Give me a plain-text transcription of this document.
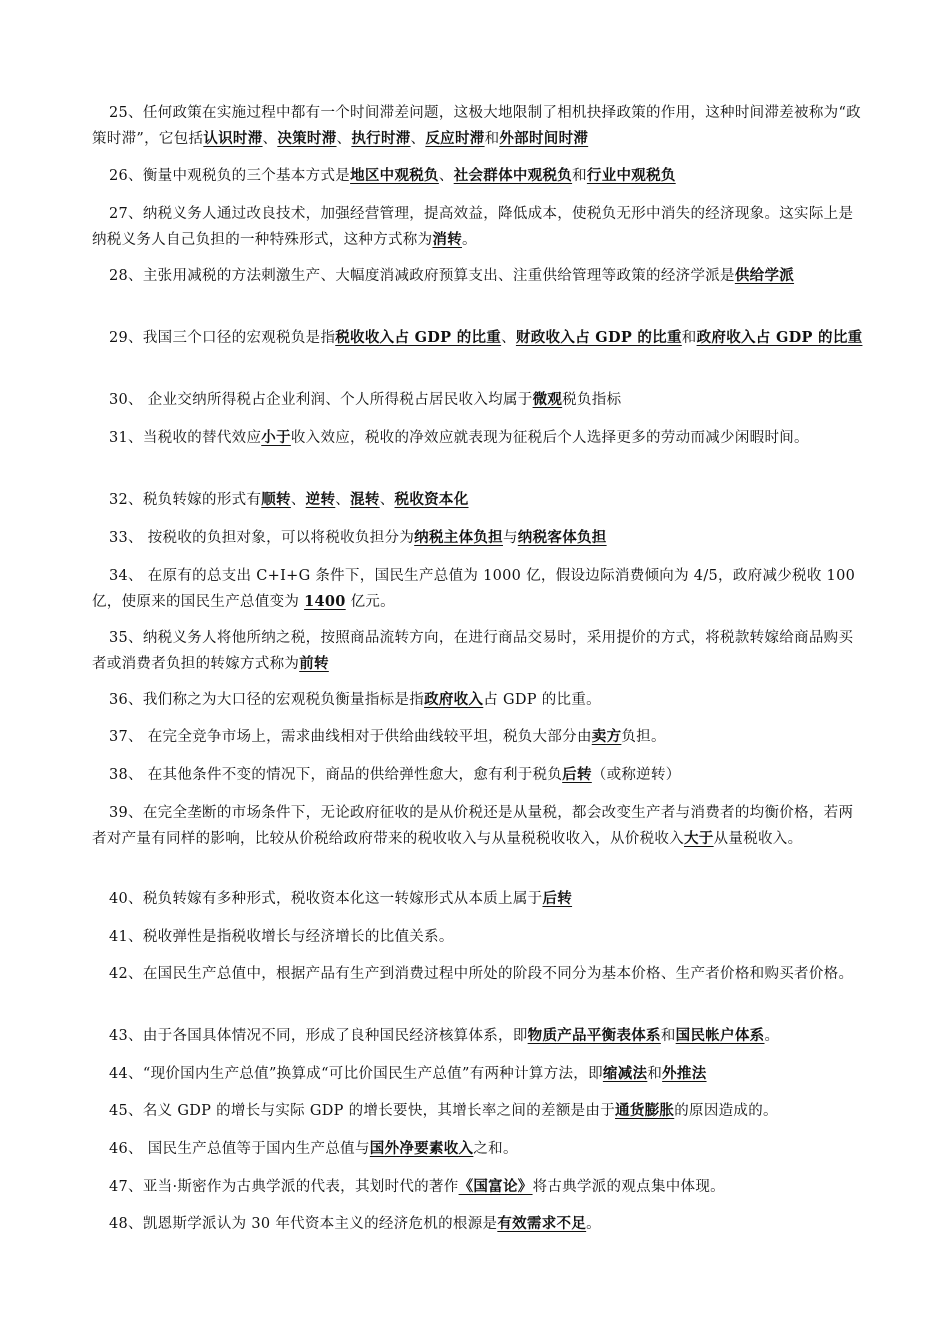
25、任何政策在实施过程中都有一个时间滞差问题，这极大地限制了相机抉择政策的作用，这种时间滞差被称为“政策时滞”，它包括认识时滞、决策时滞、执行时滞、反应时滞和外部时间时滞
26、衡量中观税负的三个基本方式是地区中观税负、社会群体中观税负和行业中观税负
27、纳税义务人通过改良技术，加强经营管理，提高效益，降低成本，使税负无形中消失的经济现象。这实际上是纳税义务人自己负担的一种特殊形式，这种方式称为消转。
28、主张用减税的方法刺激生产、大幅度消减政府预算支出、注重供给管理等政策的经济学派是供给学派
29、我国三个口径的宏观税负是指税收收入占 GDP 的比重、财政收入占 GDP 的比重和政府收入占 GDP 的比重
30、 企业交纳所得税占企业利润、个人所得税占居民收入均属于微观税负指标
31、当税收的替代效应小于收入效应，税收的净效应就表现为征税后个人选择更多的劳动而减少闲暇时间。
32、税负转嫁的形式有顺转、逆转、混转、税收资本化
33、 按税收的负担对象，可以将税收负担分为纳税主体负担与纳税客体负担
34、 在原有的总支出 C+I+G 条件下，国民生产总值为 1000 亿，假设边际消费倾向为 4/5，政府减少税收 100 亿，使原来的国民生产总值变为 1400 亿元。
35、纳税义务人将他所纳之税，按照商品流转方向，在进行商品交易时，采用提价的方式，将税款转嫁给商品购买者或消费者负担的转嫁方式称为前转
36、我们称之为大口径的宏观税负衡量指标是指政府收入占 GDP 的比重。
37、 在完全竞争市场上，需求曲线相对于供给曲线较平坦，税负大部分由卖方负担。
38、 在其他条件不变的情况下，商品的供给弹性愈大，愈有利于税负后转（或称逆转）
39、在完全垄断的市场条件下，无论政府征收的是从价税还是从量税，都会改变生产者与消费者的均衡价格，若两者对产量有同样的影响，比较从价税给政府带来的税收收入与从量税税收收入，从价税收入大于从量税收入。
40、税负转嫁有多种形式，税收资本化这一转嫁形式从本质上属于后转
41、税收弹性是指税收增长与经济增长的比值关系。
42、在国民生产总值中，根据产品有生产到消费过程中所处的阶段不同分为基本价格、生产者价格和购买者价格。
43、由于各国具体情况不同，形成了良种国民经济核算体系，即物质产品平衡表体系和国民帐户体系。
44、“现价国内生产总值”换算成“可比价国民生产总值”有两种计算方法，即缩减法和外推法
45、名义 GDP 的增长与实际 GDP 的增长要快，其增长率之间的差额是由于通货膨胀的原因造成的。
46、 国民生产总值等于国内生产总值与国外净要素收入之和。
47、亚当·斯密作为古典学派的代表，其划时代的著作《国富论》将古典学派的观点集中体现。
48、凯恩斯学派认为 30 年代资本主义的经济危机的根源是有效需求不足。
